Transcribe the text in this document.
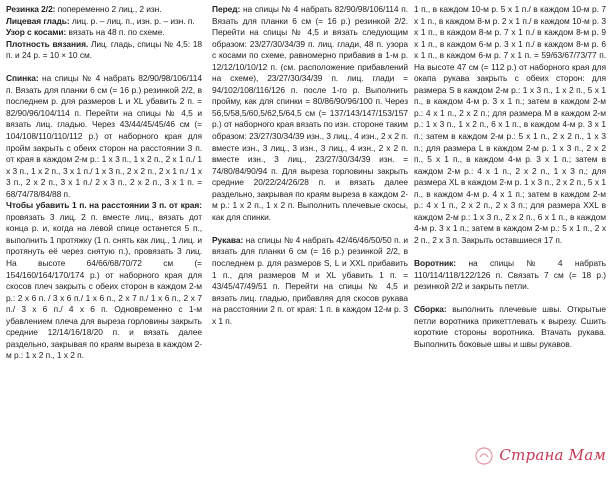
Резинка 2/2: попеременно 2 лиц., 2 изн.

Лицевая гладь: лиц. р. – лиц. п., изн. р. – изн. п.

Узор с косами: вязать на 48 п. по схеме.

Плотность вязания. Лиц. гладь, спицы № 4,5: 18 п. и 24 р. = 10 × 10 см.

Спинка: на спицы № 4 набрать 82/90/98/106/114 п. Вязать для планки 6 см (= 16 р.) резинкой 2/2, в последнем р. для размеров L и XL убавить 2 п. = 82/90/96/104/114 п. Перейти на спицы № 4,5 и вязать лиц. гладью. Через 43/44/45/45/46 см (= 104/108/110/110/112 р.) от наборного края для пройм закрыть с обеих сторон на расстоянии 3 п. от края в каждом 2-м р.: 1 х 3 п., 1 х 2 п., 2 х 1 п./ 1 х 3 п., 1 х 2 п., 3 х 1 п./ 1 х 3 п., 2 х 2 п., 2 х 1 п./ 1 х 3 п., 2 х 2 п., 3 х 1 п./ 2 х 3 п., 2 х 2 п., 3 х 1 п. = 68/74/78/84/88 п.

Чтобы убавить 1 п. на расстоянии 3 п. от края: провязать 3 лиц, 2 п. вместе лиц., вязать дот конца р. и, когда на левой спице останется 5 п., выполнить 1 протяжку (1 п. снять как лиц., 1 лиц. и протянуть её через снятую п.), провязать 3 лиц. На высоте 64/66/68/70/72 см (= 154/160/164/170/174 р.) от наборного края для скосов плеч закрыть с обеих сторон в каждом 2-м р.: 2 х 6 п. / 3 х 6 п./ 1 х 6 п., 2 х 7 п./ 1 х 6 п., 2 х 7 п./ 3 х 6 п./ 4 х 6 п. Одновременно с 1-м убавлением плеча для выреза горловины закрыть средние 12/14/16/18/20 п. и вязать далее раздельно, закрывая по краям выреза в каждом 2-м р.: 1 х 2 п., 1 х 2 п.

Перед: на спицы № 4 набрать 82/90/98/106/114 п. Вязать для планки 6 см (= 16 р.) резинкой 2/2. Перейти на спицы № 4,5 и вязать следующим образом: 23/27/30/34/39 п. лиц. глади, 48 п. узора с косами по схеме, равномерно прибавив в 1-м р. 12/12/10/10/12 п. (см. расположение прибавлений на схеме), 23/27/30/34/39 п. лиц. глади = 94/102/108/116/126 п. после 1-го р. Выполнить пройму, как для спинки = 80/86/90/96/100 п. Через 56,5/58,5/60,5/62,5/64,5 см (= 137/143/147/153/157 р.) от наборного края вязать по изн. стороне таким образом: 23/27/30/34/39 изн., 3 лиц., 4 изн., 2 х 2 п. вместе изн., 3 лиц., 3 изн., 3 лиц., 4 изн., 2 х 2 п. вместе изн., 3 лиц., 23/27/30/34/39 изн. = 74/80/84/90/94 п. Для выреза горловины закрыть средние 20/22/24/26/28 п. и вязать далее раздельно, закрывая по краям выреза в каждом 2-м р.: 1 х 2 п., 1 х 2 п. Выполнить плечевые скосы, как для спинки.

Рукава: на спицы № 4 набрать 42/46/46/50/50 п. и вязать для планки 6 см (= 16 р.) резинкой 2/2, в последнем р. для размеров S, L и XXL прибавить 1 п., для размеров M и XL убавить 1 п. = 43/45/47/49/51 п. Перейти на спицы № 4,5 и вязать лиц. гладью, прибавляя для скосов рукава на расстоянии 2 п. от края: 1 п. в каждом 12-м р. 3 х 1 п.

1 п., в каждом 10-м р. 5 х 1 п./ в каждом 10-м р. 7 х 1 п., в каждом 8-м р. 2 х 1 п./ в каждом 10-м р. 3 х 1 п., в каждом 8-м р. 7 х 1 п./ в каждом 8-м р. 9 х 1 п., в каждом 6-м р. 3 х 1 п./ в каждом 8-м р. 6 х 1 п., в каждом 6-м р. 7 х 1 п. = 59/63/67/73/77 п. На высоте 47 см (= 112 р.) от наборного края для окапа рукава закрыть с обеих сторон: для размера S в каждом 2-м р.: 1 х 3 п., 1 х 2 п., 5 х 1 п., в каждом 4-м р. 3 х 1 п.; затем в каждом 2-м р.: 4 х 1 п., 2 х 2 п.; для размера M в каждом 2-м р.: 1 х 3 п., 1 х 2 п., 6 х 1 п., в каждом 4-м р. 3 х 1 п.; затем в каждом 2-м р.: 5 х 1 п., 2 х 2 п., 1 х 3 п.; для размера L в каждом 2-м р. 1 х 3 п., 2 х 2 п., 5 х 1 п., в каждом 4-м р. 3 х 1 п.; затем в каждом 2-м р.: 4 х 1 п., 2 х 2 п., 1 х 3 п.; для размера XL в каждом 2-м р. 1 х 3 п., 2 х 2 п., 5 х 1 п., в каждом 4-м р. 4 х 1 п.; затем в каждом 2-м р.: 4 х 1 п., 2 х 2 п., 2 х 3 п.; для размера XXL в каждом 2-м р.: 1 х 3 п., 2 х 2 п., 6 х 1 п., в каждом 4-м р. 3 х 1 п.; затем в каждом 2-м р.: 5 х 1 п., 2 х 2 п., 2 х 3 п. Закрыть оставшиеся 17 п.

Воротник: на спицы № 4 набрать 110/114/118/122/126 п. Связать 7 см (= 18 р.) резинкой 2/2 и закрыть петли.

Сборка: выполнить плечевые швы. Открытые петли воротника прикеттлевать к вырезу. Сшить короткие стороны воротника. Втачать рукава. Выполнить боковые швы и швы рукавов.

Страна Мам
